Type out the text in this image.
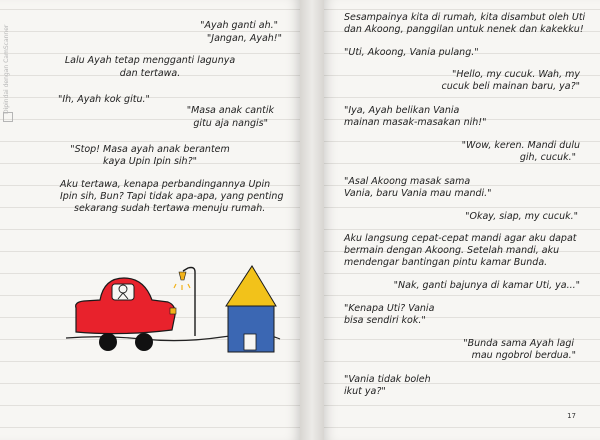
Dipindai dengan CamScanner	"Ayah ganti ah."
"Jangan, Ayah!"
Lalu Ayah tetap mengganti lagunya
dan tertawa.
"Ih, Ayah kok gitu."
"Masa anak cantik
gitu aja nangis"
"Stop! Masa ayah anak berantem
kaya Upin Ipin sih?"
Aku tertawa, kenapa perbandingannya Upin
Ipin sih, Bun? Tapi tidak apa-apa, yang penting
sekarang sudah tertawa menuju rumah.
Sesampainya kita di rumah, kita disambut oleh Uti
dan Akoong, panggilan untuk nenek dan kakekku!
"Uti, Akoong, Vania pulang."
"Hello, my cucuk. Wah, my
cucuk beli mainan baru, ya?"
"Iya, Ayah belikan Vania
mainan masak-masakan nih!"
"Wow, keren. Mandi dulu
gih, cucuk."
"Asal Akoong masak sama
Vania, baru Vania mau mandi."
"Okay, siap, my cucuk."
Aku langsung cepat-cepat mandi agar aku dapat
bermain dengan Akoong. Setelah mandi, aku
mendengar bantingan pintu kamar Bunda.
"Nak, ganti bajunya di kamar Uti, ya..."
"Kenapa Uti? Vania
bisa sendiri kok."
"Bunda sama Ayah lagi
mau ngobrol berdua."
"Vania tidak boleh
ikut ya?"
17
